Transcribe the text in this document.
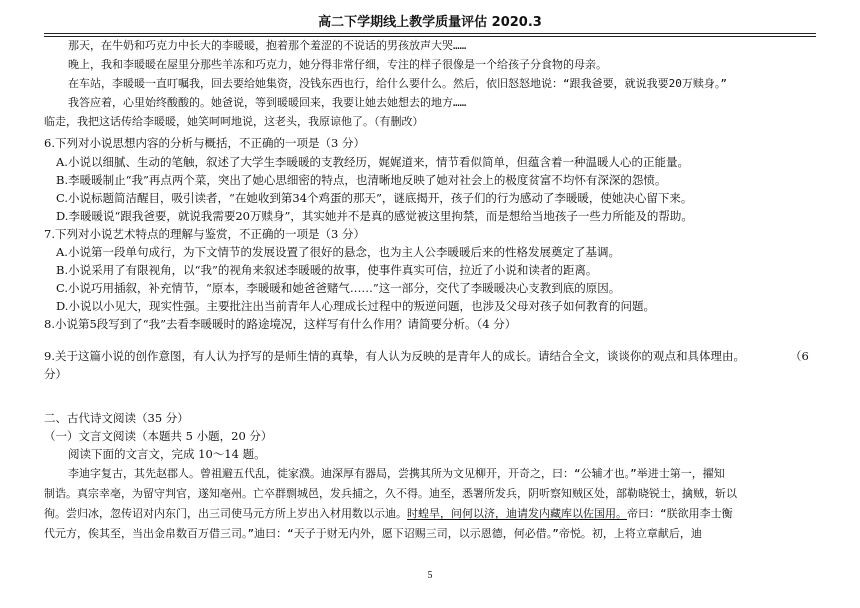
高二下学期线上教学质量评估 2020.3
那天，在牛奶和巧克力中长大的李暖暖，抱着那个羞涩的不说话的男孩放声大哭……
晚上，我和李暖暖在屋里分那些羊冻和巧克力，她分得非常仔细，专注的样子很像是一个给孩子分食物的母亲。
在车站，李暖暖一直叮嘱我，回去要给她集资，没钱东西也行，给什么要什么。然后，依旧怒怒地说：“跟我爸要，就说我要20万赎身。”
我答应着，心里始终酸酸的。她爸说，等到暖暖回来，我要让她去她想去的地方……
临走，我把这话传给李暖暖，她笑呵呵地说，这老头，我原谅他了。（有删改）
6.下列对小说思想内容的分析与概括，不正确的一项是（3 分）
A.小说以细腻、生动的笔触，叙述了大学生李暖暖的支教经历，娓娓道来，情节看似简单，但蕴含着一种温暖人心的正能量。
B.李暖暖制止“我”再点两个菜，突出了她心思细密的特点，也清晰地反映了她对社会上的极度贫富不均怀有深深的怨愤。
C.小说标题简洁醒目，吸引读者，“在她收到第34个鸡蛋的那天”，谜底揭开，孩子们的行为感动了李暖暖，使她决心留下来。
D.李暖暖说“跟我爸要，就说我需要20万赎身”，其实她并不是真的感觉被这里拘禁，而是想给当地孩子一些力所能及的帮助。
7.下列对小说艺术特点的理解与鉴赏，不正确的一项是（3 分）
A.小说第一段单句成行，为下文情节的发展设置了很好的悬念，也为主人公李暖暖后来的性格发展奠定了基调。
B.小说采用了有限视角，以“我”的视角来叙述李暖暖的故事，使事件真实可信，拉近了小说和读者的距离。
C.小说巧用插叙，补充情节，“原本，李暖暖和她爸爸赌气……”这一部分，交代了李暖暖决心支教到底的原因。
D.小说以小见大，现实性强。主要批注出当前青年人心理成长过程中的叛逆问题，也涉及父母对孩子如何教育的问题。
8.小说第5段写到了“我”去看李暖暖时的路途境况，这样写有什么作用？请简要分析。（4 分）
9.关于这篇小说的创作意图，有人认为抒写的是师生情的真挚，有人认为反映的是青年人的成长。请结合全文，谈谈你的观点和具体理由。	（6
分）
二、古代诗文阅读（35 分）
（一）文言文阅读（本题共 5 小题，20 分）
阅读下面的文言文，完成 10～14 题。
李迪字复古，其先赵郡人。曾祖避五代乱，徙家濮。迪深厚有器局，尝携其所为文见柳开，开奇之，曰：“公辅才也。”举进士第一，擢知
制诰。真宗幸亳，为留守判官，遂知亳州。亡卒群剽城邑，发兵捕之，久不得。迪至，悉署所发兵，阴听察知贼区处，部勒晓锐士，擒贼，斩以
徇。尝归冰，忽传诏对内东门，出三司使马元方所上岁出入材用数以示迪。时蝗旱，问何以济，迪请发内藏库以佐国用。帝曰：“朕欲用李士衡
代元方，俟其至，当出金帛数百万借三司。”迪曰：“天子于财无内外，愿下诏赐三司，以示恩德，何必借。”帝悦。初，上将立章献后，迪
5
